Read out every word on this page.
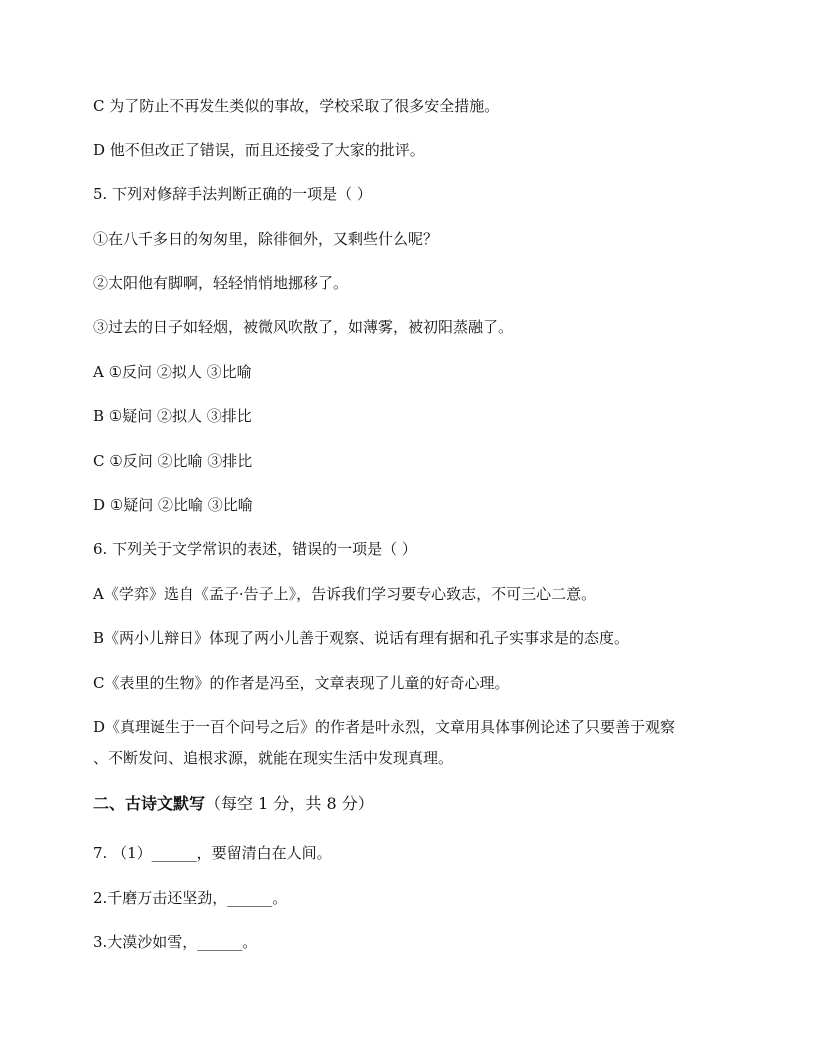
C 为了防止不再发生类似的事故，学校采取了很多安全措施。
D 他不但改正了错误，而且还接受了大家的批评。
5. 下列对修辞手法判断正确的一项是（ ）
①在八千多日的匆匆里，除徘徊外，又剩些什么呢？
②太阳他有脚啊，轻轻悄悄地挪移了。
③过去的日子如轻烟，被微风吹散了，如薄雾，被初阳蒸融了。
A ①反问 ②拟人 ③比喻
B ①疑问 ②拟人 ③排比
C ①反问 ②比喻 ③排比
D ①疑问 ②比喻 ③比喻
6. 下列关于文学常识的表述，错误的一项是（ ）
A《学弈》选自《孟子·告子上》，告诉我们学习要专心致志，不可三心二意。
B《两小儿辩日》体现了两小儿善于观察、说话有理有据和孔子实事求是的态度。
C《表里的生物》的作者是冯至，文章表现了儿童的好奇心理。
D《真理诞生于一百个问号之后》的作者是叶永烈，文章用具体事例论述了只要善于观察
、不断发问、追根求源，就能在现实生活中发现真理。
二、古诗文默写（每空 1 分，共 8 分）
7. （1）______，要留清白在人间。
2.千磨万击还坚劲，______。
3.大漠沙如雪，______。
